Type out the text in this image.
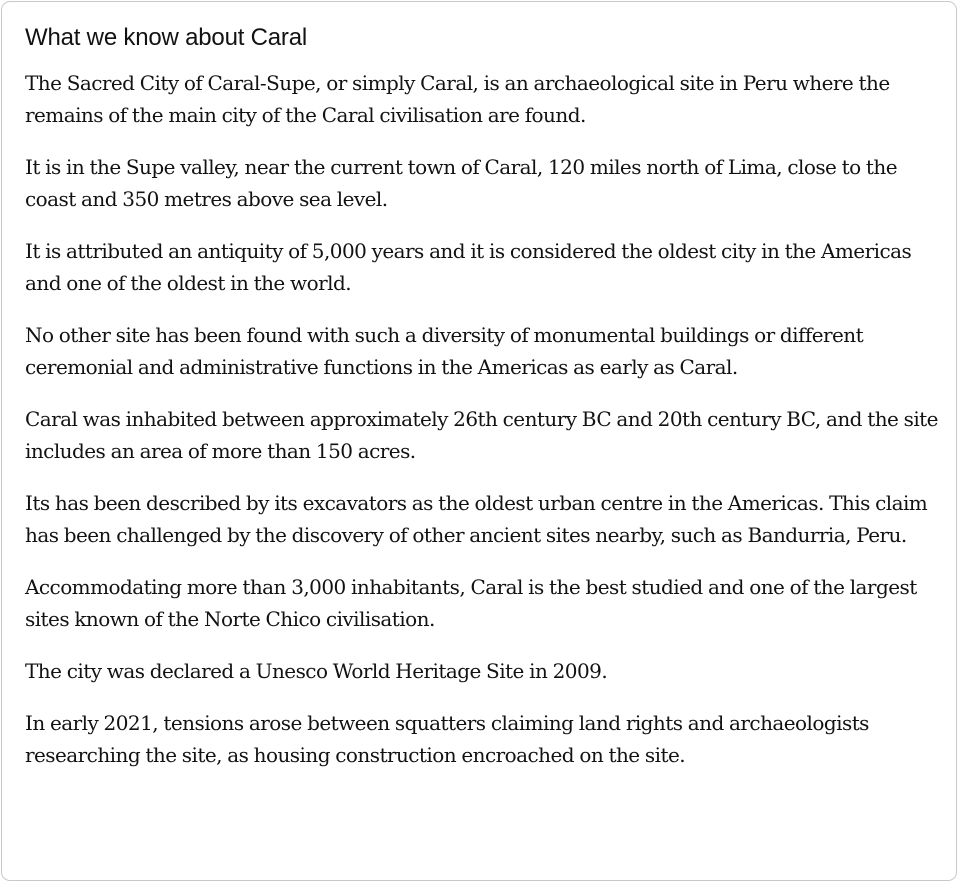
What we know about Caral

The Sacred City of Caral-Supe, or simply Caral, is an archaeological site in Peru where the remains of the main city of the Caral civilisation are found.

It is in the Supe valley, near the current town of Caral, 120 miles north of Lima, close to the coast and 350 metres above sea level.

It is attributed an antiquity of 5,000 years and it is considered the oldest city in the Americas and one of the oldest in the world.

No other site has been found with such a diversity of monumental buildings or different ceremonial and administrative functions in the Americas as early as Caral.

Caral was inhabited between approximately 26th century BC and 20th century BC, and the site includes an area of more than 150 acres.

Its has been described by its excavators as the oldest urban centre in the Americas. This claim has been challenged by the discovery of other ancient sites nearby, such as Bandurria, Peru.

Accommodating more than 3,000 inhabitants, Caral is the best studied and one of the largest sites known of the Norte Chico civilisation.

The city was declared a Unesco World Heritage Site in 2009.

In early 2021, tensions arose between squatters claiming land rights and archaeologists researching the site, as housing construction encroached on the site.
